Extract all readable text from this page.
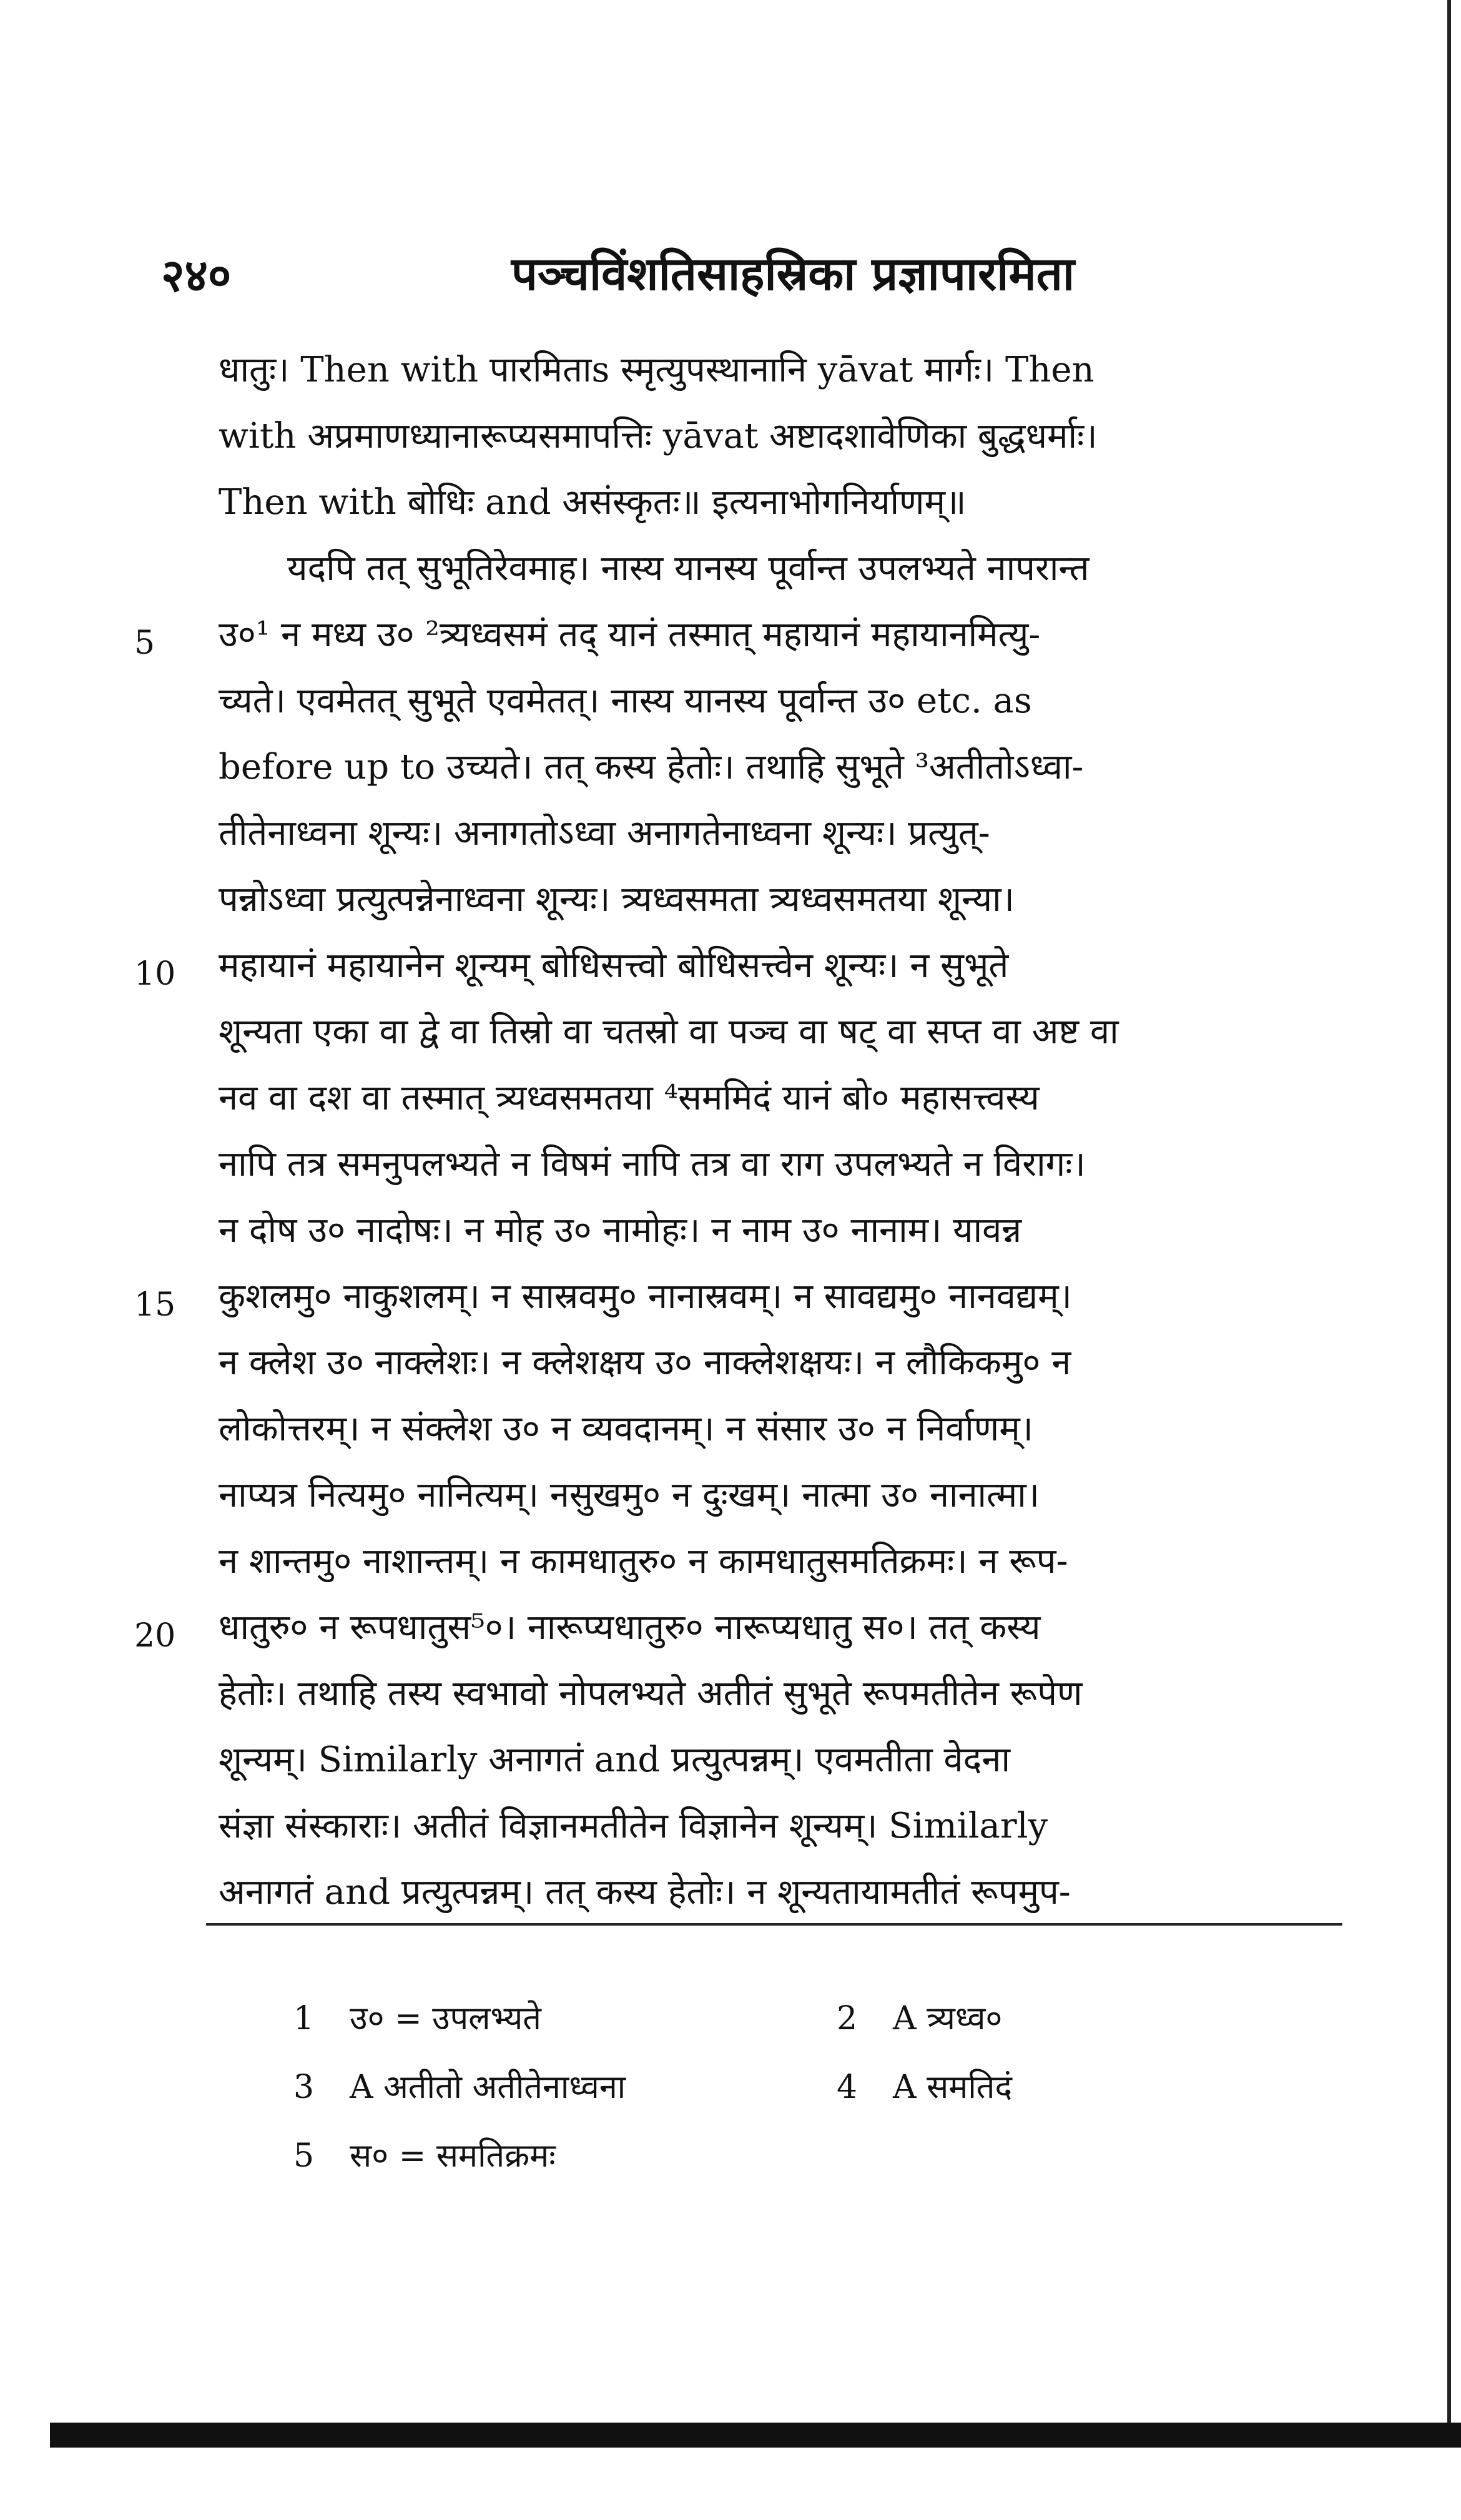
२४०	पञ्चविंशतिसाहस्रिका प्रज्ञापारमिता
धातुः। Then with पारमिताs स्मृत्युपस्थानानि yāvat मार्गः। Then
with अप्रमाणध्यानारूप्यसमापत्तिः yāvat अष्टादशावेणिका बुद्धधर्माः।
Then with बोधिः and असंस्कृतः॥ इत्यनाभोगनिर्याणम्॥
यदपि तत् सुभूतिरेवमाह। नास्य यानस्य पूर्वान्त उपलभ्यते नापरान्त
उ०¹ न मध्य उ० ²त्र्यध्वसमं तद् यानं तस्मात् महायानं महायानमित्यु-
च्यते। एवमेतत् सुभूते एवमेतत्। नास्य यानस्य पूर्वान्त उ० etc. as
before up to उच्यते। तत् कस्य हेतोः। तथाहि सुभूते ³अतीतोऽध्वा-
तीतेनाध्वना शून्यः। अनागतोऽध्वा अनागतेनाध्वना शून्यः। प्रत्युत्-
पन्नोऽध्वा प्रत्युत्पन्नेनाध्वना शून्यः। त्र्यध्वसमता त्र्यध्वसमतया शून्या।
महायानं महायानेन शून्यम् बोधिसत्त्वो बोधिसत्त्वेन शून्यः। न सुभूते
शून्यता एका वा द्वे वा तिस्रो वा चतस्रो वा पञ्च वा षट् वा सप्त वा अष्ट वा
नव वा दश वा तस्मात् त्र्यध्वसमतया ⁴सममिदं यानं बो० महासत्त्वस्य
नापि तत्र समनुपलभ्यते न विषमं नापि तत्र वा राग उपलभ्यते न विरागः।
न दोष उ० नादोषः। न मोह उ० नामोहः। न नाम उ० नानाम। यावन्न
कुशलमु० नाकुशलम्। न सास्रवमु० नानास्रवम्। न सावद्यमु० नानवद्यम्।
न क्लेश उ० नाक्लेशः। न क्लेशक्षय उ० नाक्लेशक्षयः। न लौकिकमु० न
लोकोत्तरम्। न संक्लेश उ० न व्यवदानम्। न संसार उ० न निर्वाणम्।
नाप्यत्र नित्यमु० नानित्यम्। नसुखमु० न दुःखम्। नात्मा उ० नानात्मा।
न शान्तमु० नाशान्तम्। न कामधातुरु० न कामधातुसमतिक्रमः। न रूप-
धातुरु० न रूपधातुस⁵०। नारूप्यधातुरु० नारूप्यधातु स०। तत् कस्य
हेतोः। तथाहि तस्य स्वभावो नोपलभ्यते अतीतं सुभूते रूपमतीतेन रूपेण
शून्यम्। Similarly अनागतं and प्रत्युत्पन्नम्। एवमतीता वेदना
संज्ञा संस्काराः। अतीतं विज्ञानमतीतेन विज्ञानेन शून्यम्। Similarly
अनागतं and प्रत्युत्पन्नम्। तत् कस्य हेतोः। न शून्यतायामतीतं रूपमुप-
5
10
15
20
1 उ० = उपलभ्यते	2 A त्र्यध्व०
3 A अतीतो अतीतेनाध्वना	4 A समतिदं
5 स० = समतिक्रमः
